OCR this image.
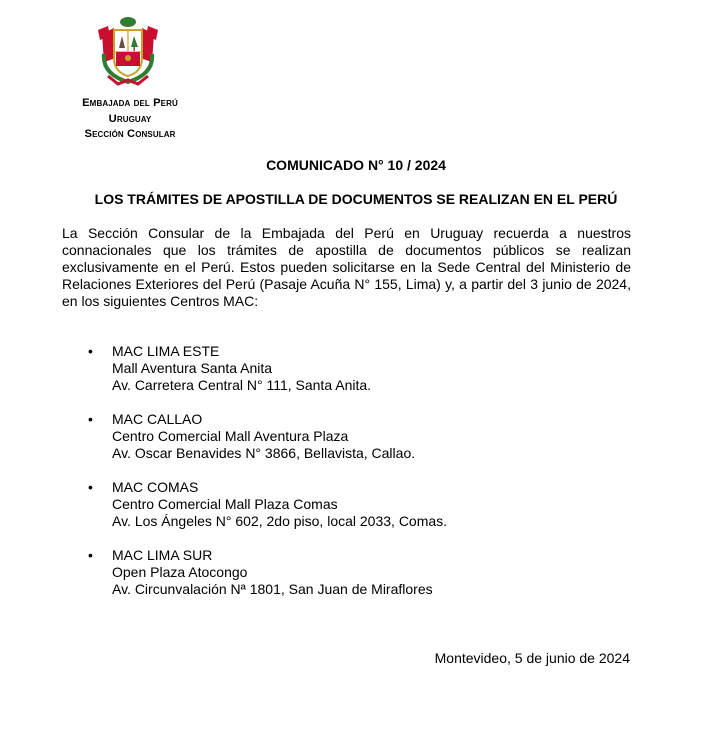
Embajada del Perú
Uruguay
Sección Consular
COMUNICADO N° 10 / 2024
LOS TRÁMITES DE APOSTILLA DE DOCUMENTOS SE REALIZAN EN EL PERÚ
La Sección Consular de la Embajada del Perú en Uruguay recuerda a nuestros connacionales que los trámites de apostilla de documentos públicos se realizan exclusivamente en el Perú. Estos pueden solicitarse en la Sede Central del Ministerio de Relaciones Exteriores del Perú (Pasaje Acuña N° 155, Lima) y, a partir del 3 junio de 2024, en los siguientes Centros MAC:
• MAC LIMA ESTE
Mall Aventura Santa Anita
Av. Carretera Central N° 111, Santa Anita.
• MAC CALLAO
Centro Comercial Mall Aventura Plaza
Av. Oscar Benavides N° 3866, Bellavista, Callao.
• MAC COMAS
Centro Comercial Mall Plaza Comas
Av. Los Ángeles N° 602, 2do piso, local 2033, Comas.
• MAC LIMA SUR
Open Plaza Atocongo
Av. Circunvalación Nª 1801, San Juan de Miraflores
Montevideo, 5 de junio de 2024
